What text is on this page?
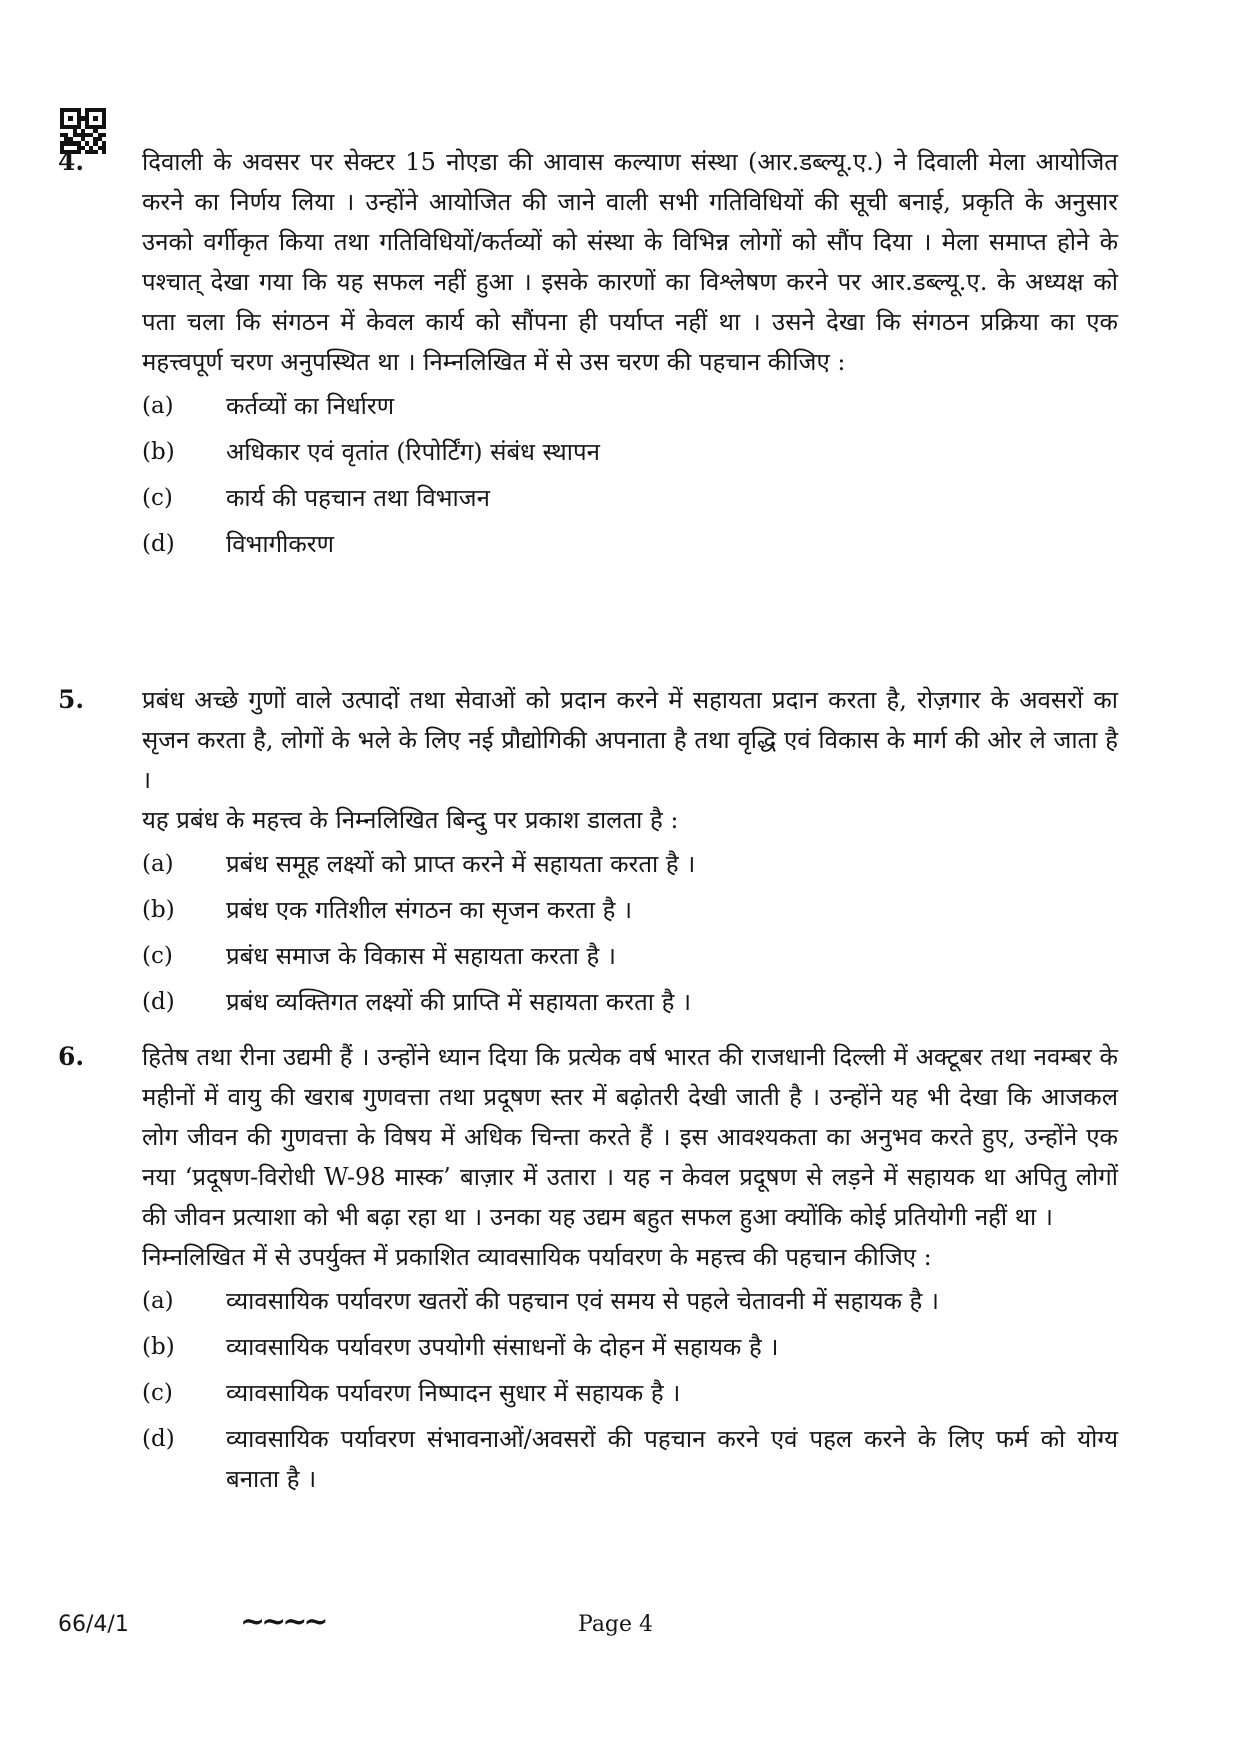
4. दिवाली के अवसर पर सेक्टर 15 नोएडा की आवास कल्याण संस्था (आर.डब्ल्यू.ए.) ने दिवाली मेला आयोजित करने का निर्णय लिया । उन्होंने आयोजित की जाने वाली सभी गतिविधियों की सूची बनाई, प्रकृति के अनुसार उनको वर्गीकृत किया तथा गतिविधियों/कर्तव्यों को संस्था के विभिन्न लोगों को सौंप दिया । मेला समाप्त होने के पश्चात् देखा गया कि यह सफल नहीं हुआ । इसके कारणों का विश्लेषण करने पर आर.डब्ल्यू.ए. के अध्यक्ष को पता चला कि संगठन में केवल कार्य को सौंपना ही पर्याप्त नहीं था । उसने देखा कि संगठन प्रक्रिया का एक महत्त्वपूर्ण चरण अनुपस्थित था । निम्नलिखित में से उस चरण की पहचान कीजिए :

(a)	कर्तव्यों का निर्धारण
(b)	अधिकार एवं वृतांत (रिपोर्टिंग) संबंध स्थापन
(c)	कार्य की पहचान तथा विभाजन
(d)	विभागीकरण
5. प्रबंध अच्छे गुणों वाले उत्पादों तथा सेवाओं को प्रदान करने में सहायता प्रदान करता है, रोज़गार के अवसरों का सृजन करता है, लोगों के भले के लिए नई प्रौद्योगिकी अपनाता है तथा वृद्धि एवं विकास के मार्ग की ओर ले जाता है ।

यह प्रबंध के महत्त्व के निम्नलिखित बिन्दु पर प्रकाश डालता है :

(a)	प्रबंध समूह लक्ष्यों को प्राप्त करने में सहायता करता है ।
(b)	प्रबंध एक गतिशील संगठन का सृजन करता है ।
(c)	प्रबंध समाज के विकास में सहायता करता है ।
(d)	प्रबंध व्यक्तिगत लक्ष्यों की प्राप्ति में सहायता करता है ।
6. हितेष तथा रीना उद्यमी हैं । उन्होंने ध्यान दिया कि प्रत्येक वर्ष भारत की राजधानी दिल्ली में अक्टूबर तथा नवम्बर के महीनों में वायु की खराब गुणवत्ता तथा प्रदूषण स्तर में बढ़ोतरी देखी जाती है । उन्होंने यह भी देखा कि आजकल लोग जीवन की गुणवत्ता के विषय में अधिक चिन्ता करते हैं । इस आवश्यकता का अनुभव करते हुए, उन्होंने एक नया ‘प्रदूषण-विरोधी W-98 मास्क’ बाज़ार में उतारा । यह न केवल प्रदूषण से लड़ने में सहायक था अपितु लोगों की जीवन प्रत्याशा को भी बढ़ा रहा था । उनका यह उद्यम बहुत सफल हुआ क्योंकि कोई प्रतियोगी नहीं था ।

निम्नलिखित में से उपर्युक्त में प्रकाशित व्यावसायिक पर्यावरण के महत्त्व की पहचान कीजिए :

(a)	व्यावसायिक पर्यावरण खतरों की पहचान एवं समय से पहले चेतावनी में सहायक है ।
(b)	व्यावसायिक पर्यावरण उपयोगी संसाधनों के दोहन में सहायक है ।
(c)	व्यावसायिक पर्यावरण निष्पादन सुधार में सहायक है ।
(d)	व्यावसायिक पर्यावरण संभावनाओं/अवसरों की पहचान करने एवं पहल करने के लिए फर्म को योग्य बनाता है ।
66/4/1	~~~~	Page 4
